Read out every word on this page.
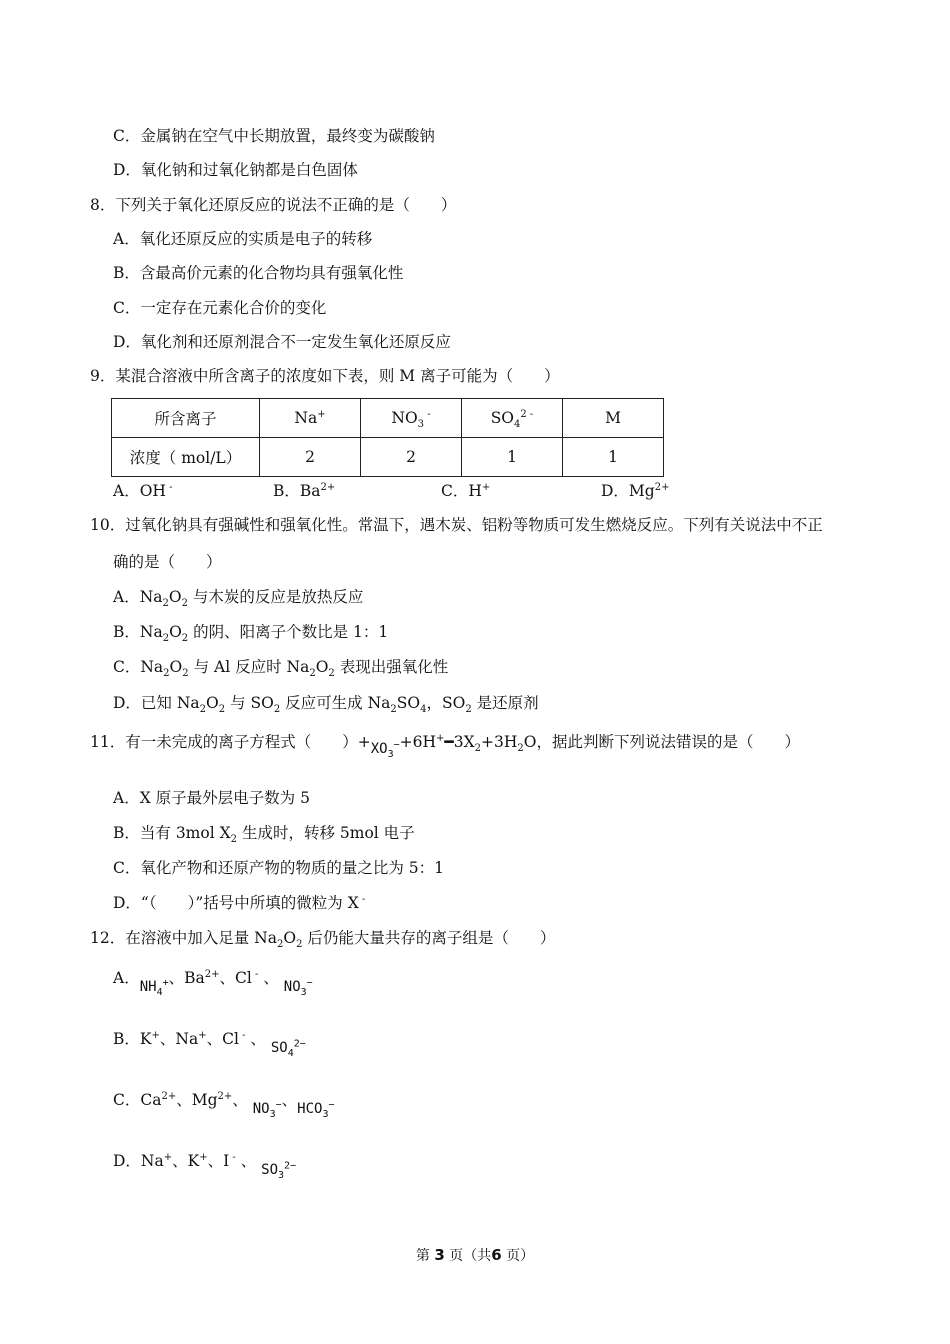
C．金属钠在空气中长期放置，最终变为碳酸钠
D．氧化钠和过氧化钠都是白色固体
8．下列关于氧化还原反应的说法不正确的是（　　）
A．氧化还原反应的实质是电子的转移
B．含最高价元素的化合物均具有强氧化性
C．一定存在元素化合价的变化
D．氧化剂和还原剂混合不一定发生氧化还原反应
9．某混合溶液中所含离子的浓度如下表，则 M 离子可能为（　　）
所含离子	Na+	$NO_3$ -	$SO_4^{2 -}$	M
浓度（ mol/L）	2	2	1	1
A．OH -	B．$Ba^{2+}$	C．H+	D．$Mg^{2+}$
10．过氧化钠具有强碱性和强氧化性。常温下，遇木炭、铝粉等物质可发生燃烧反应。下列有关说法中不正
确的是（　　）
A．$Na_2O_2$ 与木炭的反应是放热反应
B．$Na_2O_2$ 的阴、阳离子个数比是 1：1
C．$Na_2O_2$ 与 Al 反应时 $Na_2O_2$ 表现出强氧化性
D．已知 $Na_2O_2$ 与 $SO_2$ 反应可生成 $Na_2SO_4$，$SO_2$ 是还原剂
11．有一未完成的离子方程式（　　）$+XO_3^-+6H^+━3X_2+3H_2O$，据此判断下列说法错误的是（　　）
A．X 原子最外层电子数为 5
B．当有 3mol $X_2$ 生成时，转移 5mol 电子
C．氧化产物和还原产物的物质的量之比为 5：1
D．“（　　）”括号中所填的微粒为 X -
12．在溶液中加入足量 $Na_2O_2$ 后仍能大量共存的离子组是（　　）
A．$NH_4^+$、$Ba^{2+}$、Cl - 、 $NO_3^-$
B．K+、Na+、Cl - 、 $SO_4^{2-}$
C．$Ca^{2+}$、$Mg^{2+}$、 $NO_3^-$、$HCO_3^-$
D．Na+、K+、I - 、 $SO_3^{2-}$
第 3 页（共6 页）
